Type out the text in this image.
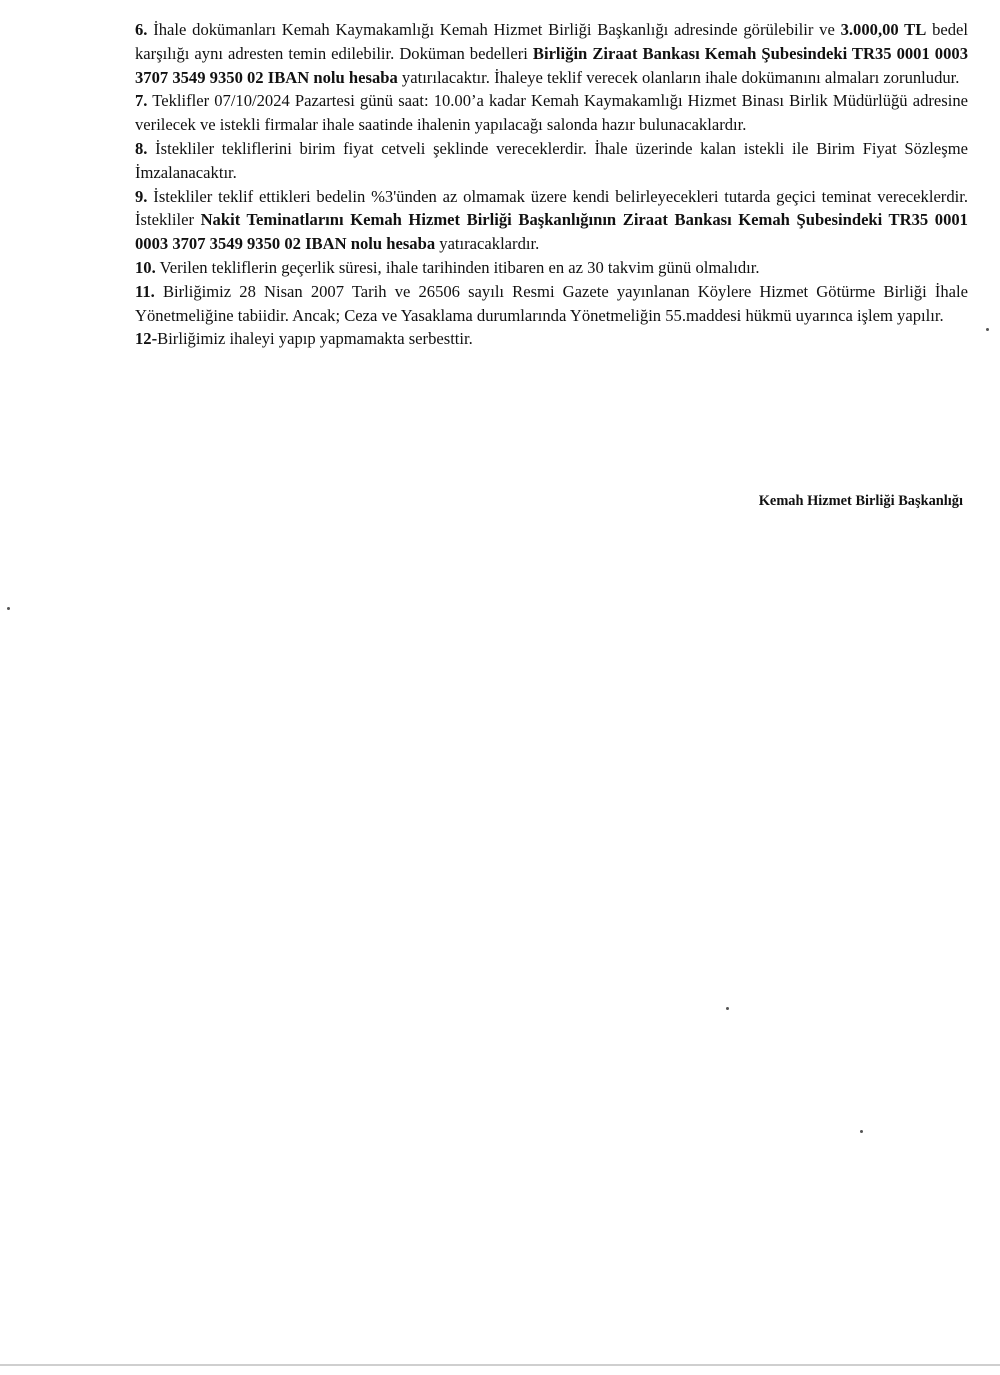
6. İhale dokümanları Kemah Kaymakamlığı Kemah Hizmet Birliği Başkanlığı adresinde görülebilir ve 3.000,00 TL bedel karşılığı aynı adresten temin edilebilir. Doküman bedelleri Birliğin Ziraat Bankası Kemah Şubesindeki TR35 0001 0003 3707 3549 9350 02 IBAN nolu hesaba yatırılacaktır. İhaleye teklif verecek olanların ihale dokümanını almaları zorunludur.

7. Teklifler 07/10/2024 Pazartesi günü saat: 10.00’a kadar Kemah Kaymakamlığı Hizmet Binası Birlik Müdürlüğü adresine verilecek ve istekli firmalar ihale saatinde ihalenin yapılacağı salonda hazır bulunacaklardır.

8. İstekliler tekliflerini birim fiyat cetveli şeklinde vereceklerdir. İhale üzerinde kalan istekli ile Birim Fiyat Sözleşme İmzalanacaktır.

9. İstekliler teklif ettikleri bedelin %3'ünden az olmamak üzere kendi belirleyecekleri tutarda geçici teminat vereceklerdir. İstekliler Nakit Teminatlarını Kemah Hizmet Birliği Başkanlığının Ziraat Bankası Kemah Şubesindeki TR35 0001 0003 3707 3549 9350 02 IBAN nolu hesaba yatıracaklardır.

10. Verilen tekliflerin geçerlik süresi, ihale tarihinden itibaren en az 30 takvim günü olmalıdır.

11. Birliğimiz 28 Nisan 2007 Tarih ve 26506 sayılı Resmi Gazete yayınlanan Köylere Hizmet Götürme Birliği İhale Yönetmeliğine tabiidir. Ancak; Ceza ve Yasaklama durumlarında Yönetmeliğin 55.maddesi hükmü uyarınca işlem yapılır.

12-Birliğimiz ihaleyi yapıp yapmamakta serbesttir.

Kemah Hizmet Birliği Başkanlığı
